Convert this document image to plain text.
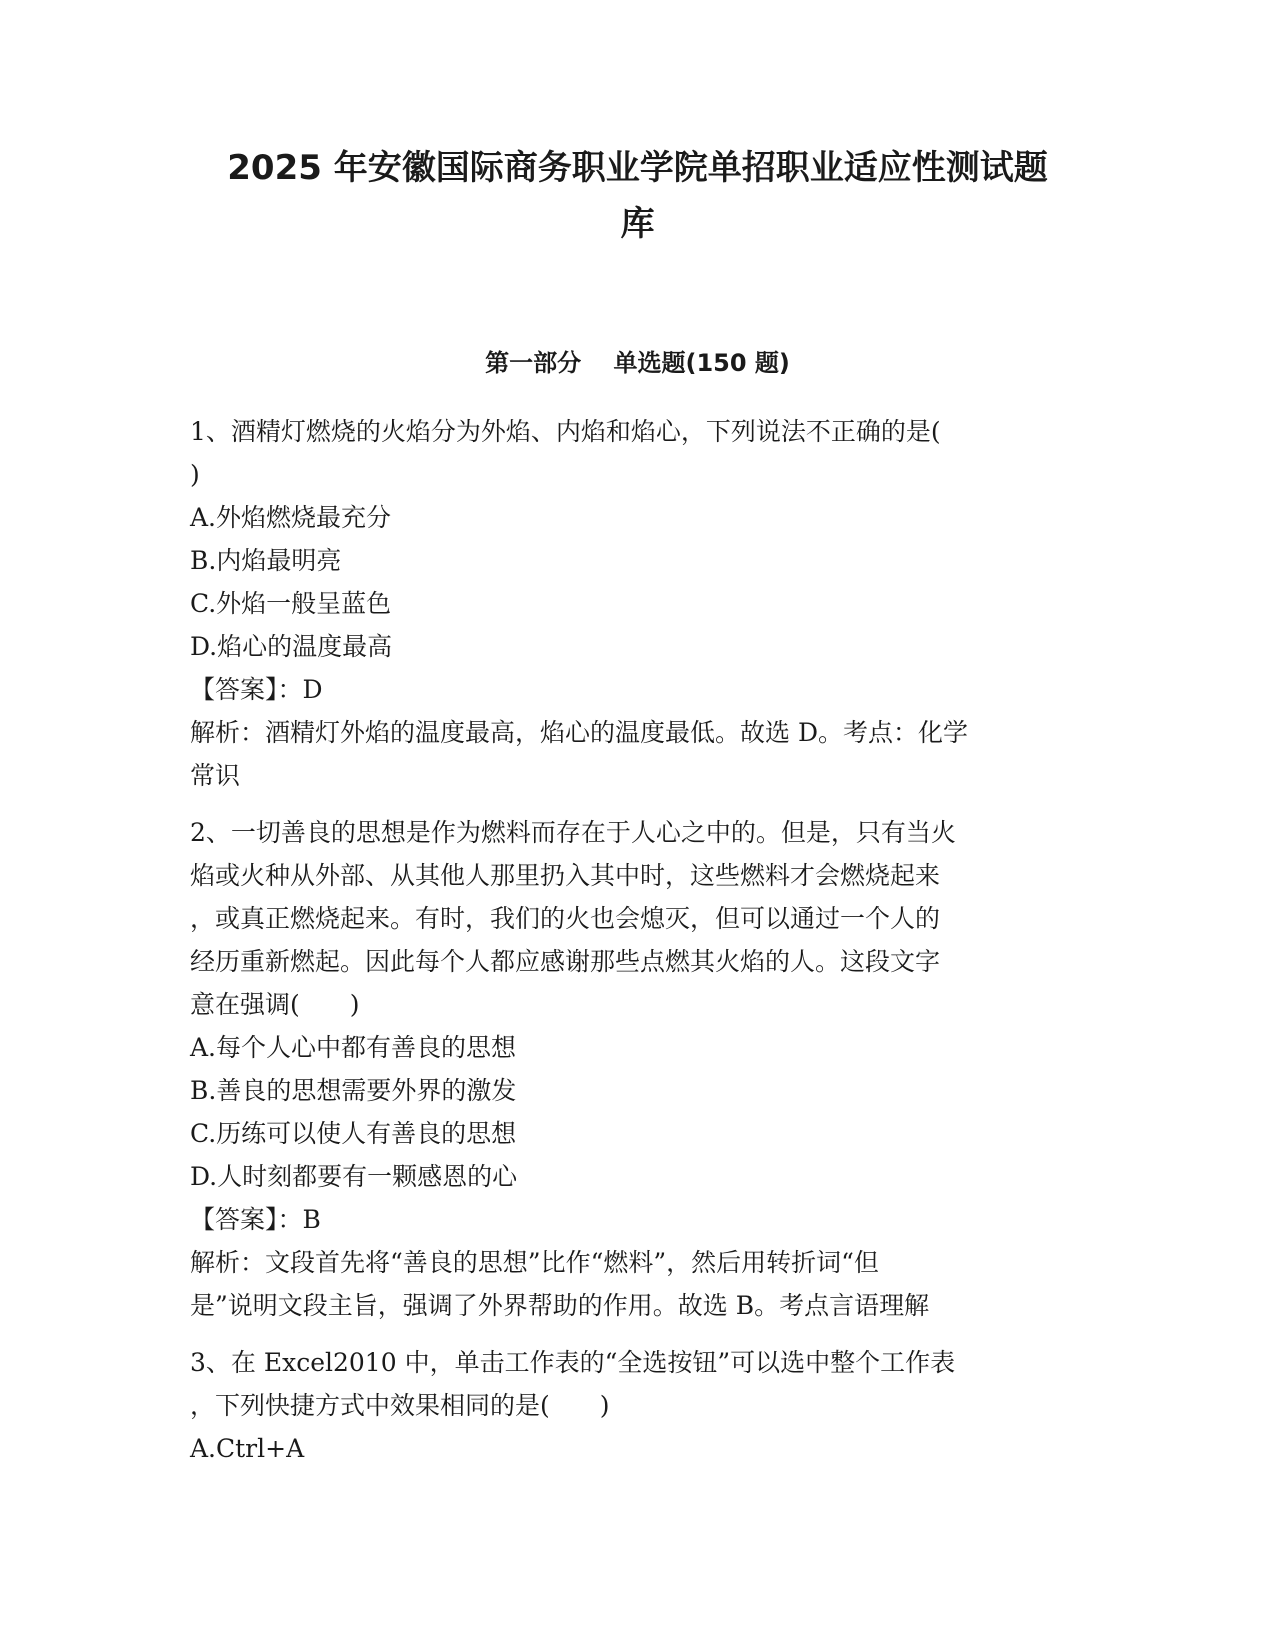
2025 年安徽国际商务职业学院单招职业适应性测试题
库
第一部分　 单选题(150 题)
1、酒精灯燃烧的火焰分为外焰、内焰和焰心，下列说法不正确的是(
)
A.外焰燃烧最充分
B.内焰最明亮
C.外焰一般呈蓝色
D.焰心的温度最高
【答案】：D
解析：酒精灯外焰的温度最高，焰心的温度最低。故选 D。考点：化学
常识
2、一切善良的思想是作为燃料而存在于人心之中的。但是，只有当火
焰或火种从外部、从其他人那里扔入其中时，这些燃料才会燃烧起来
，或真正燃烧起来。有时，我们的火也会熄灭，但可以通过一个人的
经历重新燃起。因此每个人都应感谢那些点燃其火焰的人。这段文字
意在强调(　　)
A.每个人心中都有善良的思想
B.善良的思想需要外界的激发
C.历练可以使人有善良的思想
D.人时刻都要有一颗感恩的心
【答案】：B
解析：文段首先将“善良的思想”比作“燃料”，然后用转折词“但
是”说明文段主旨，强调了外界帮助的作用。故选 B。考点言语理解
3、在 Excel2010 中，单击工作表的“全选按钮”可以选中整个工作表
，下列快捷方式中效果相同的是(　　)
A.Ctrl+A
